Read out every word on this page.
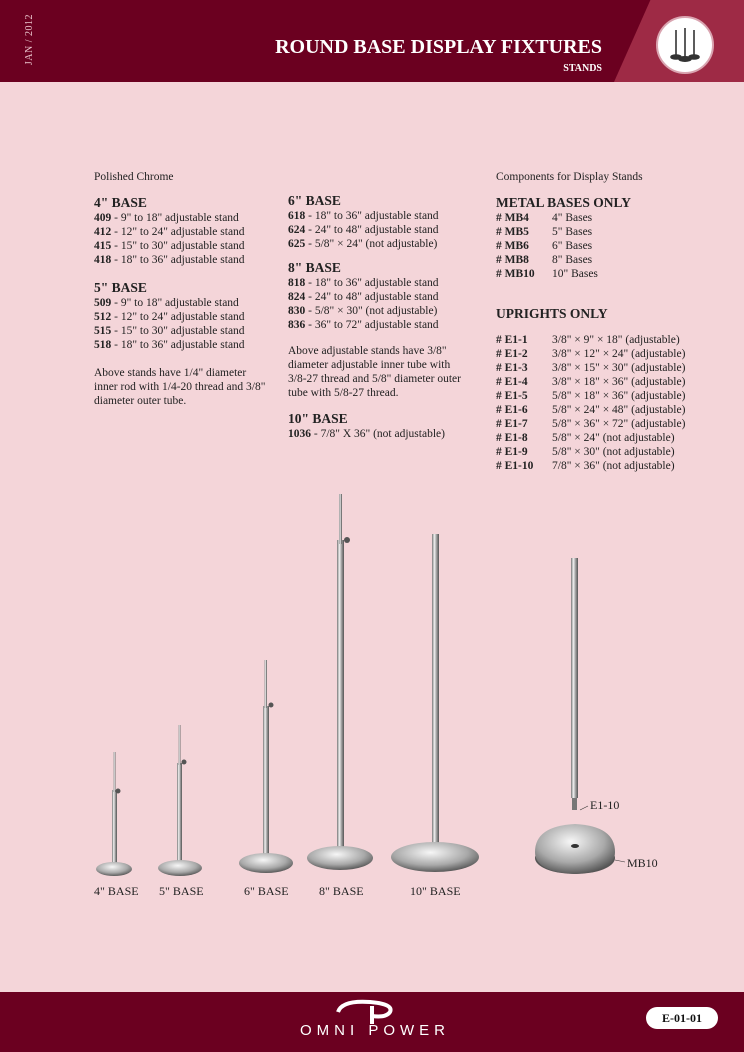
JAN / 2012	ROUND BASE DISPLAY FIXTURES
STANDS
Polished Chrome
4" BASE
409 - 9" to 18" adjustable stand
412 - 12" to 24" adjustable stand
415 - 15" to 30" adjustable stand
418 - 18" to 36" adjustable stand
5" BASE
509 - 9" to 18" adjustable stand
512 - 12" to 24" adjustable stand
515 - 15" to 30" adjustable stand
518 - 18" to 36" adjustable stand
Above stands have 1/4" diameter inner rod with 1/4-20 thread and 3/8" diameter outer tube.
6" BASE
618 - 18" to 36" adjustable stand
624 - 24" to 48" adjustable stand
625 - 5/8" × 24" (not adjustable)
8" BASE
818 - 18" to 36" adjustable stand
824 - 24" to 48" adjustable stand
830 - 5/8" × 30" (not adjustable)
836 - 36" to 72" adjustable stand
Above adjustable stands have 3/8" diameter adjustable inner tube with 3/8-27 thread and 5/8" diameter outer tube with 5/8-27 thread.
10" BASE
1036 - 7/8" X 36" (not adjustable)
Components for Display Stands
METAL BASES ONLY
# MB4	4" Bases
# MB5	5" Bases
# MB6	6" Bases
# MB8	8" Bases
# MB10	10" Bases
UPRIGHTS ONLY
# E1-1	3/8" × 9" × 18" (adjustable)
# E1-2	3/8" × 12" × 24" (adjustable)
# E1-3	3/8" × 15" × 30" (adjustable)
# E1-4	3/8" × 18" × 36" (adjustable)
# E1-5	5/8" × 18" × 36" (adjustable)
# E1-6	5/8" × 24" × 48" (adjustable)
# E1-7	5/8" × 36" × 72" (adjustable)
# E1-8	5/8" × 24" (not adjustable)
# E1-9	5/8" × 30" (not adjustable)
# E1-10	7/8" × 36" (not adjustable)
4" BASE 5" BASE	6" BASE	8" BASE	10" BASE
E1-10
MB10
OMNI POWER
E-01-01
